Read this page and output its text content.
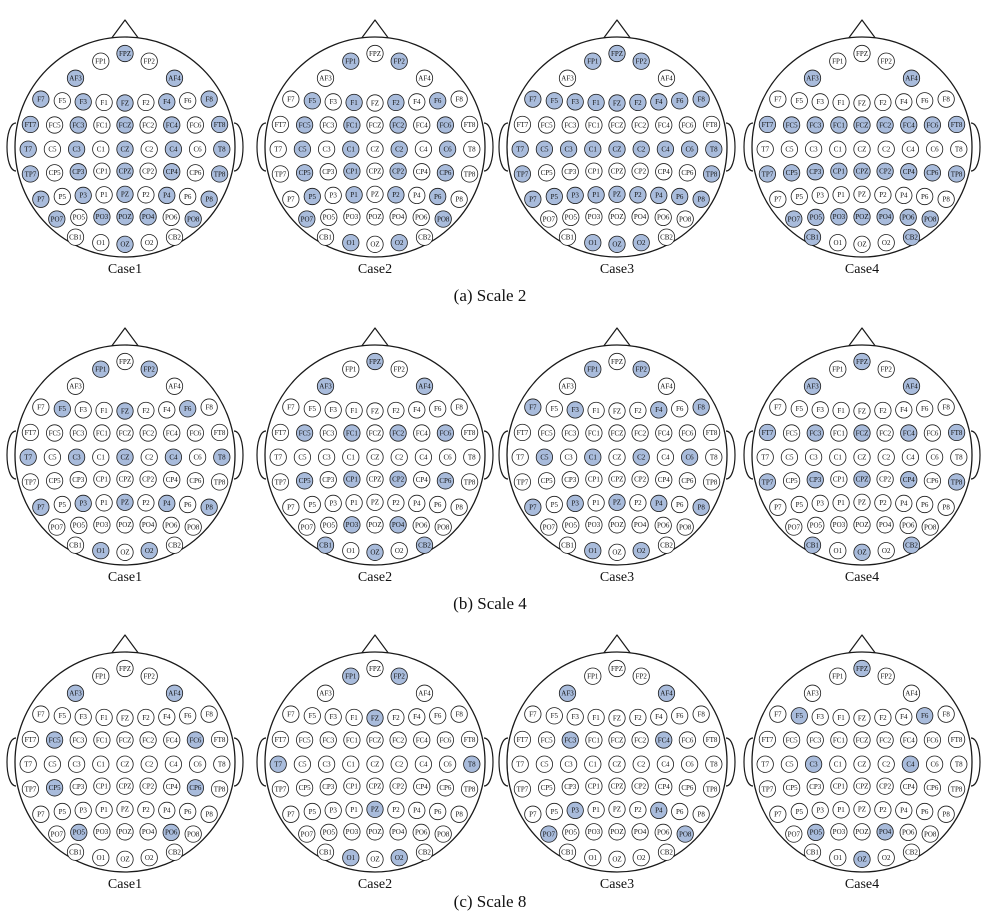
FP1
FPZ
FP2
AF3	AF4
F7 F5 F3 F1 FZ F2 F4 F6 F8
FT7 FC5 FC3 FC1 FCZ FC2 FC4 FC6 FT8
T7 C5 C3 C1 CZ C2 C4 C6 T8
TP7 CP5 CP3 CP1 CPZ CP2 CP4 CP6 TP8
P7 P5 P3 P1 PZ P2 P4 P6 P8
PO7 PO5 PO3 POZ PO4 PO6 PO8
CB1
O1 OZ O2
CB2
Case1
FP1
FPZ
FP2
AF3	AF4
F7 F5 F3 F1 FZ F2 F4 F6 F8
FT7 FC5 FC3 FC1 FCZ FC2 FC4 FC6 FT8
T7 C5 C3 C1 CZ C2 C4 C6 T8
TP7 CP5 CP3 CP1 CPZ CP2 CP4 CP6 TP8
P7 P5 P3 P1 PZ P2 P4 P6 P8
PO7 PO5 PO3 POZ PO4 PO6 PO8
CB1
O1 OZ O2
CB2
Case2
FP1
FPZ
FP2
AF3	AF4
F7 F5 F3 F1 FZ F2 F4 F6 F8
FT7 FC5 FC3 FC1 FCZ FC2 FC4 FC6 FT8
T7 C5 C3 C1 CZ C2 C4 C6 T8
TP7 CP5 CP3 CP1 CPZ CP2 CP4 CP6 TP8
P7 P5 P3 P1 PZ P2 P4 P6 P8
PO7 PO5 PO3 POZ PO4 PO6 PO8
CB1
O1 OZ O2
CB2
Case3
FP1
FPZ
FP2
AF3	AF4
F7 F5 F3 F1 FZ F2 F4 F6 F8
FT7 FC5 FC3 FC1 FCZ FC2 FC4 FC6 FT8
T7 C5 C3 C1 CZ C2 C4 C6 T8
TP7 CP5 CP3 CP1 CPZ CP2 CP4 CP6 TP8
P7 P5 P3 P1 PZ P2 P4 P6 P8
PO7 PO5 PO3 POZ PO4 PO6 PO8
CB1
O1 OZ O2
CB2
Case4
(a) Scale 2
FP1
FPZ
FP2
AF3	AF4
F7 F5 F3 F1 FZ F2 F4 F6 F8
FT7 FC5 FC3 FC1 FCZ FC2 FC4 FC6 FT8
T7 C5 C3 C1 CZ C2 C4 C6 T8
TP7 CP5 CP3 CP1 CPZ CP2 CP4 CP6 TP8
P7 P5 P3 P1 PZ P2 P4 P6 P8
PO7 PO5 PO3 POZ PO4 PO6 PO8
CB1
O1 OZ O2
CB2
Case1
FP1
FPZ
FP2
AF3	AF4
F7 F5 F3 F1 FZ F2 F4 F6 F8
FT7 FC5 FC3 FC1 FCZ FC2 FC4 FC6 FT8
T7 C5 C3 C1 CZ C2 C4 C6 T8
TP7 CP5 CP3 CP1 CPZ CP2 CP4 CP6 TP8
P7 P5 P3 P1 PZ P2 P4 P6 P8
PO7 PO5 PO3 POZ PO4 PO6 PO8
CB1
O1 OZ O2
CB2
Case2
FP1
FPZ
FP2
AF3	AF4
F7 F5 F3 F1 FZ F2 F4 F6 F8
FT7 FC5 FC3 FC1 FCZ FC2 FC4 FC6 FT8
T7 C5 C3 C1 CZ C2 C4 C6 T8
TP7 CP5 CP3 CP1 CPZ CP2 CP4 CP6 TP8
P7 P5 P3 P1 PZ P2 P4 P6 P8
PO7 PO5 PO3 POZ PO4 PO6 PO8
CB1
O1 OZ O2
CB2
Case3
FP1
FPZ
FP2
AF3	AF4
F7 F5 F3 F1 FZ F2 F4 F6 F8
FT7 FC5 FC3 FC1 FCZ FC2 FC4 FC6 FT8
T7 C5 C3 C1 CZ C2 C4 C6 T8
TP7 CP5 CP3 CP1 CPZ CP2 CP4 CP6 TP8
P7 P5 P3 P1 PZ P2 P4 P6 P8
PO7 PO5 PO3 POZ PO4 PO6 PO8
CB1
O1 OZ O2
CB2
Case4
(b) Scale 4
FP1
FPZ
FP2
AF3	AF4
F7 F5 F3 F1 FZ F2 F4 F6 F8
FT7 FC5 FC3 FC1 FCZ FC2 FC4 FC6 FT8
T7 C5 C3 C1 CZ C2 C4 C6 T8
TP7 CP5 CP3 CP1 CPZ CP2 CP4 CP6 TP8
P7 P5 P3 P1 PZ P2 P4 P6 P8
PO7 PO5 PO3 POZ PO4 PO6 PO8
CB1
O1 OZ O2
CB2
Case1
FP1
FPZ
FP2
AF3	AF4
F7 F5 F3 F1 FZ F2 F4 F6 F8
FT7 FC5 FC3 FC1 FCZ FC2 FC4 FC6 FT8
T7 C5 C3 C1 CZ C2 C4 C6 T8
TP7 CP5 CP3 CP1 CPZ CP2 CP4 CP6 TP8
P7 P5 P3 P1 PZ P2 P4 P6 P8
PO7 PO5 PO3 POZ PO4 PO6 PO8
CB1
O1 OZ O2
CB2
Case2
FP1
FPZ
FP2
AF3	AF4
F7 F5 F3 F1 FZ F2 F4 F6 F8
FT7 FC5 FC3 FC1 FCZ FC2 FC4 FC6 FT8
T7 C5 C3 C1 CZ C2 C4 C6 T8
TP7 CP5 CP3 CP1 CPZ CP2 CP4 CP6 TP8
P7 P5 P3 P1 PZ P2 P4 P6 P8
PO7 PO5 PO3 POZ PO4 PO6 PO8
CB1
O1 OZ O2
CB2
Case3
FP1
FPZ
FP2
AF3	AF4
F7 F5 F3 F1 FZ F2 F4 F6 F8
FT7 FC5 FC3 FC1 FCZ FC2 FC4 FC6 FT8
T7 C5 C3 C1 CZ C2 C4 C6 T8
TP7 CP5 CP3 CP1 CPZ CP2 CP4 CP6 TP8
P7 P5 P3 P1 PZ P2 P4 P6 P8
PO7 PO5 PO3 POZ PO4 PO6 PO8
CB1
O1 OZ O2
CB2
Case4
(c) Scale 8
